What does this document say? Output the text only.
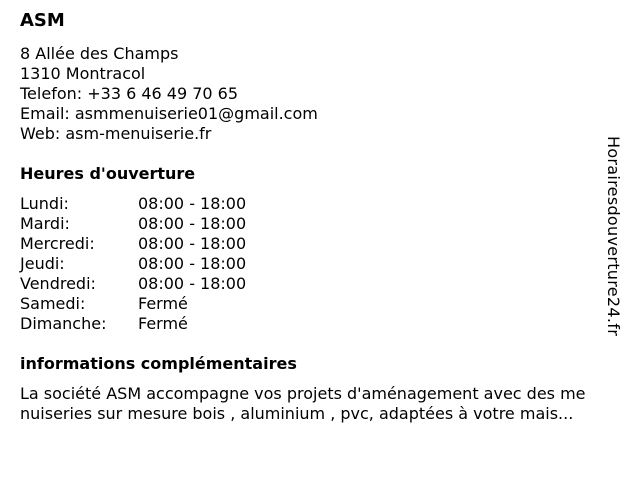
ASM
8 Allée des Champs
1310 Montracol
Telefon: +33 6 46 49 70 65
Email: asmmenuiserie01@gmail.com
Web: asm-menuiserie.fr
Heures d'ouverture
Lundi:	08:00 - 18:00
Mardi:	08:00 - 18:00
Mercredi:	08:00 - 18:00
Jeudi:	08:00 - 18:00
Vendredi:	08:00 - 18:00
Samedi:	Fermé
Dimanche:	Fermé
informations complémentaires
La société ASM accompagne vos projets d'aménagement avec des me
nuiseries sur mesure bois , aluminium , pvc, adaptées à votre mais...
Horairesdouverture24.fr
